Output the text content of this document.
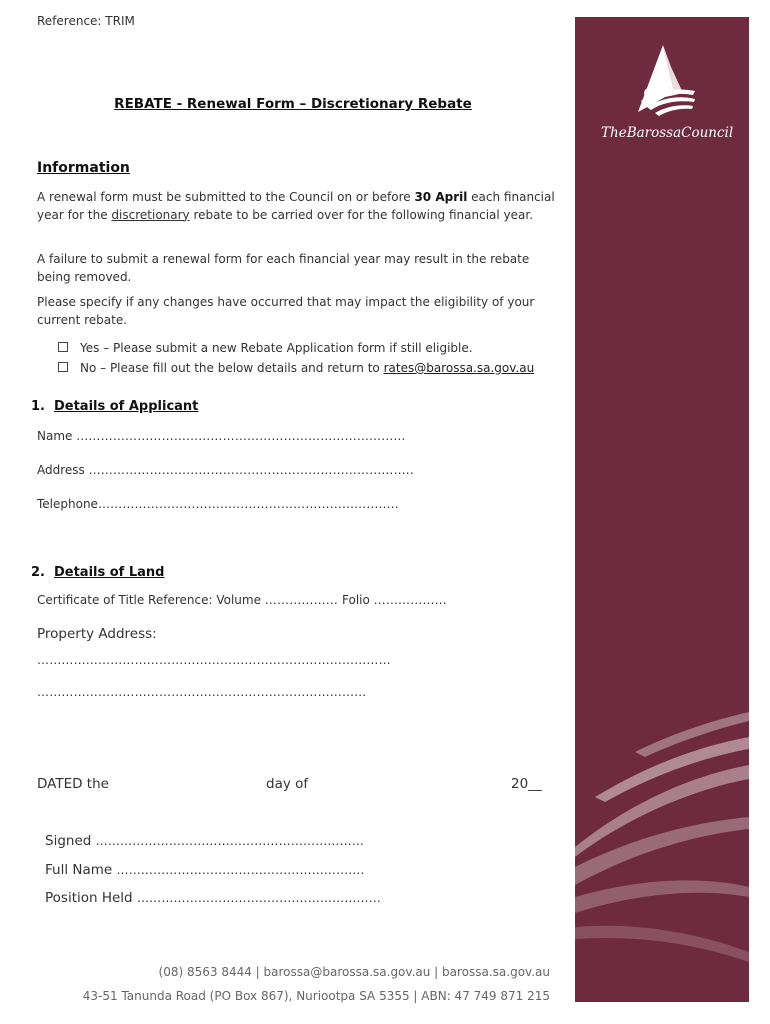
Reference: TRIM
REBATE - Renewal Form – Discretionary Rebate
Information
A renewal form must be submitted to the Council on or before 30 April each financial year for the discretionary rebate to be carried over for the following financial year.
A failure to submit a renewal form for each financial year may result in the rebate being removed.
Please specify if any changes have occurred that may impact the eligibility of your current rebate.
Yes – Please submit a new Rebate Application form if still eligible.
No – Please fill out the below details and return to rates@barossa.sa.gov.au
1. Details of Applicant
Name ………………………………………………………………………
Address ……………………………………………………………………..
Telephone………………………………………………………………..
2. Details of Land
Certificate of Title Reference: Volume ……………… Folio ………………
Property Address:
……………………………………………………………………………
……………………………………………………………………...
DATED the	day of	20__
Signed …………………………………………………………
Full Name …………………………………………………….
Position Held ……………………………………………………
(08) 8563 8444 | barossa@barossa.sa.gov.au | barossa.sa.gov.au
43-51 Tanunda Road (PO Box 867), Nuriootpa SA 5355 | ABN: 47 749 871 215
TheBarossaCouncil
